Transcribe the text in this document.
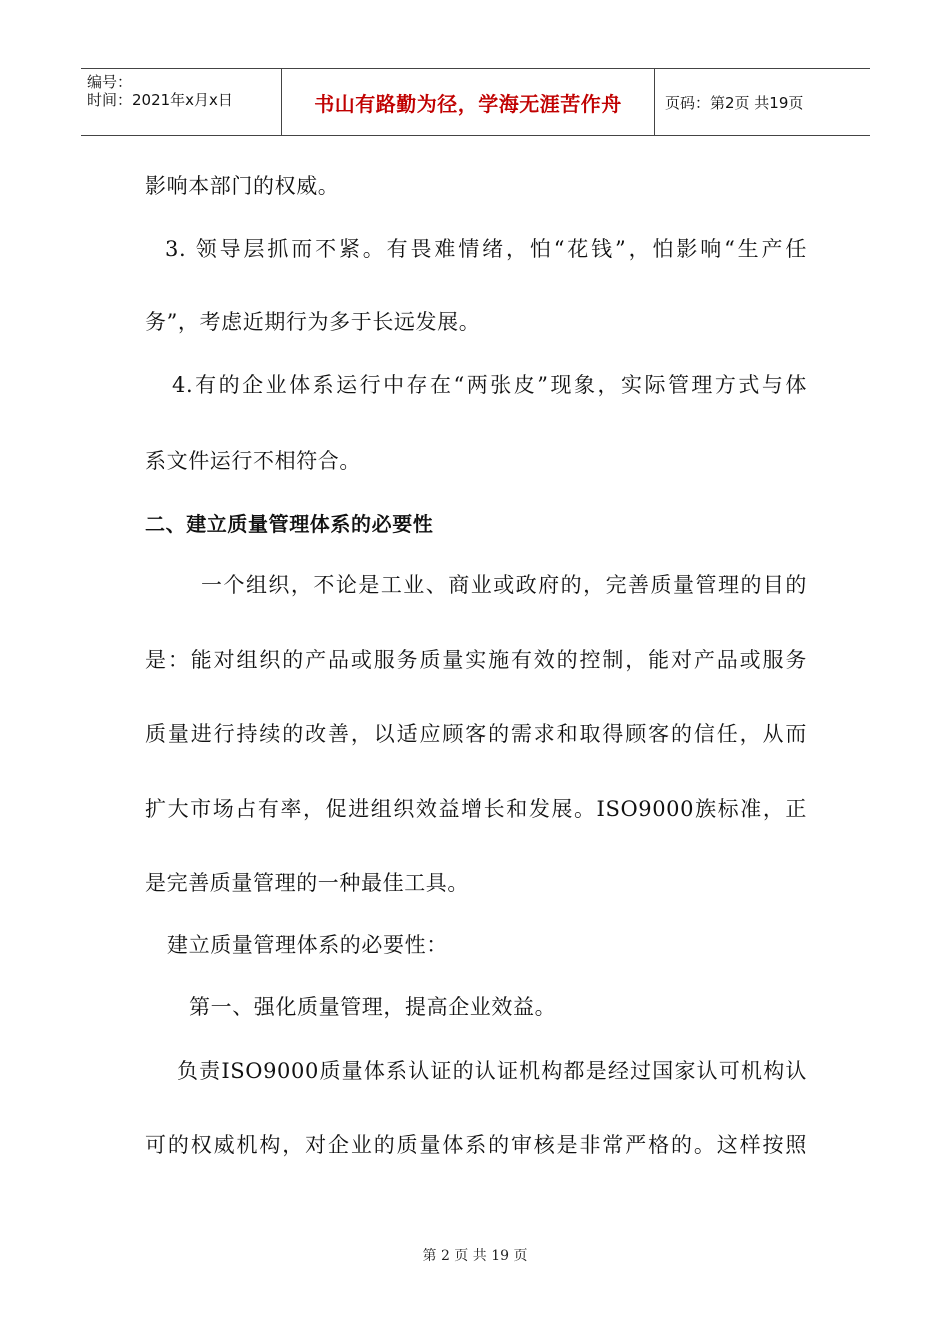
编号：
时间：2021年x月x日	书山有路勤为径，学海无涯苦作舟	页码：第2页 共19页
影响本部门的权威。
3. 领导层抓而不紧。有畏难情绪，怕“花钱”，怕影响“生产任
务”，考虑近期行为多于长远发展。
4.有的企业体系运行中存在“两张皮”现象，实际管理方式与体
系文件运行不相符合。
二、建立质量管理体系的必要性
一个组织，不论是工业、商业或政府的，完善质量管理的目的
是：能对组织的产品或服务质量实施有效的控制，能对产品或服务
质量进行持续的改善，以适应顾客的需求和取得顾客的信任，从而
扩大市场占有率，促进组织效益增长和发展。ISO9000族标准，正
是完善质量管理的一种最佳工具。
建立质量管理体系的必要性：
第一、强化质量管理，提高企业效益。
负责ISO9000质量体系认证的认证机构都是经过国家认可机构认
可的权威机构，对企业的质量体系的审核是非常严格的。这样按照
第 2 页 共 19 页
